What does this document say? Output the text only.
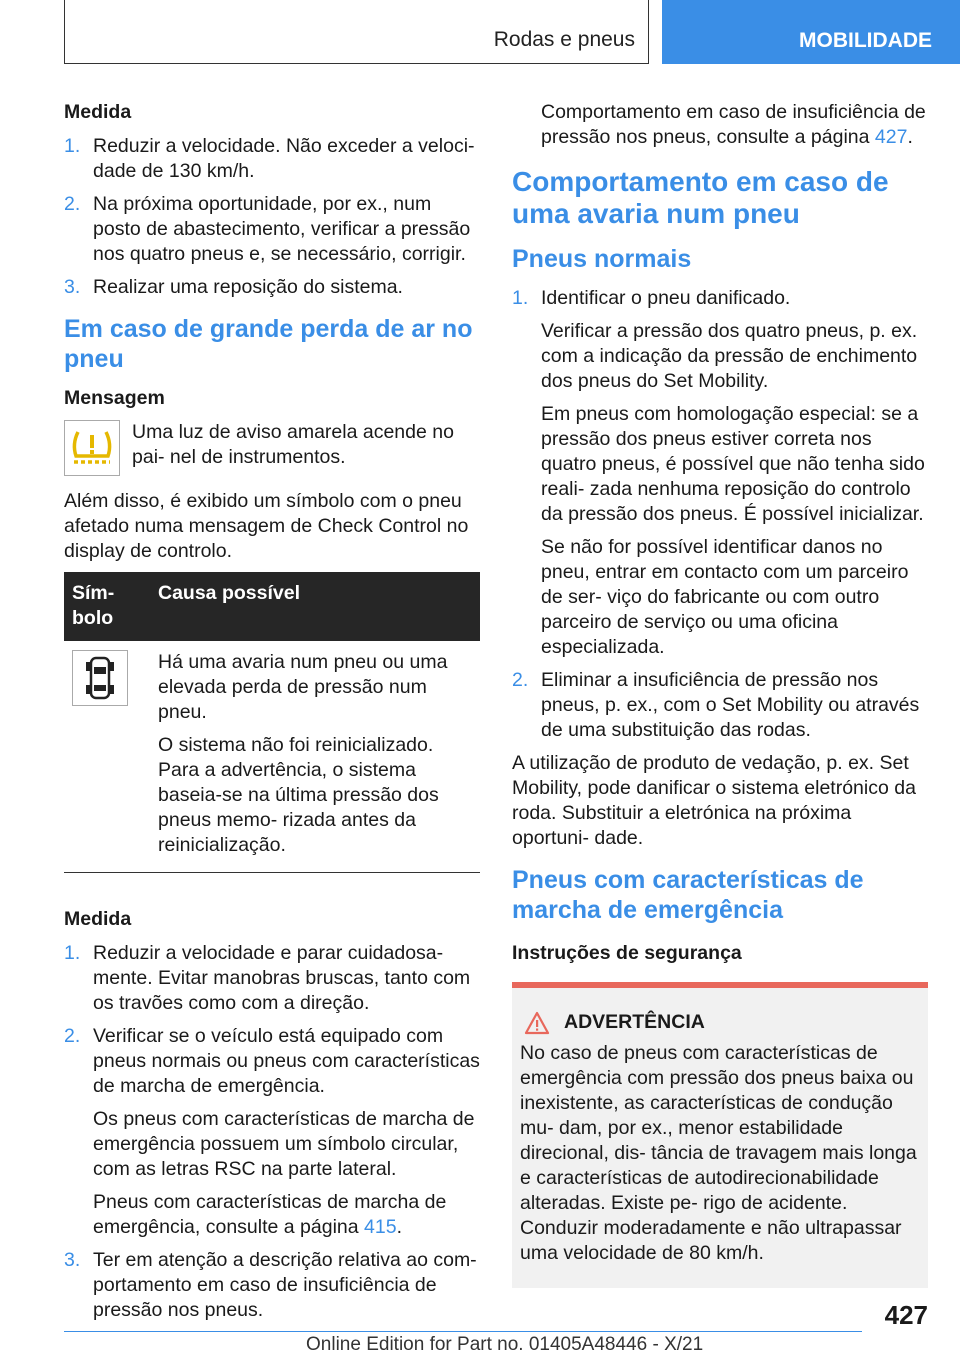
Rodas e pneus	MOBILIDADE
Medida
1. Reduzir a velocidade. Não exceder a veloci‐ dade de 130 km/h.
2. Na próxima oportunidade, por ex., num posto de abastecimento, verificar a pressão nos quatro pneus e, se necessário, corrigir.
3. Realizar uma reposição do sistema.
Em caso de grande perda de ar no pneu
Mensagem
Uma luz de aviso amarela acende no pai‐ nel de instrumentos.

Além disso, é exibido um símbolo com o pneu afetado numa mensagem de Check Control no display de controlo.

Sím‐ bolo	Causa possível

Há uma avaria num pneu ou uma elevada perda de pressão num pneu.

O sistema não foi reinicializado. Para a advertência, o sistema baseia-se na última pressão dos pneus memo‐ rizada antes da reinicialização.

Medida
1. Reduzir a velocidade e parar cuidadosa‐ mente. Evitar manobras bruscas, tanto com os travões como com a direção.
2. Verificar se o veículo está equipado com pneus normais ou pneus com características de marcha de emergência.

Os pneus com características de marcha de emergência possuem um símbolo circular, com as letras RSC na parte lateral.

Pneus com características de marcha de emergência, consulte a página 415.

3. Ter em atenção a descrição relativa ao com‐ portamento em caso de insuficiência de pressão nos pneus.

Comportamento em caso de insuficiência de pressão nos pneus, consulte a página 427.

Comportamento em caso de uma avaria num pneu
Pneus normais
1. Identificar o pneu danificado.

Verificar a pressão dos quatro pneus, p. ex. com a indicação da pressão de enchimento dos pneus do Set Mobility.

Em pneus com homologação especial: se a pressão dos pneus estiver correta nos quatro pneus, é possível que não tenha sido reali‐ zada nenhuma reposição do controlo da pressão dos pneus. É possível inicializar.

Se não for possível identificar danos no pneu, entrar em contacto com um parceiro de ser‐ viço do fabricante ou com outro parceiro de serviço ou uma oficina especializada.

2. Eliminar a insuficiência de pressão nos pneus, p. ex., com o Set Mobility ou através de uma substituição das rodas.

A utilização de produto de vedação, p. ex. Set Mobility, pode danificar o sistema eletrónico da roda. Substituir a eletrónica na próxima oportuni‐ dade.

Pneus com características de marcha de emergência
Instruções de segurança
ADVERTÊNCIA
No caso de pneus com características de emergência com pressão dos pneus baixa ou inexistente, as características de condução mu‐ dam, por ex., menor estabilidade direcional, dis‐ tância de travagem mais longa e características de autodirecionabilidade alteradas. Existe pe‐ rigo de acidente. Conduzir moderadamente e não ultrapassar uma velocidade de 80 km/h.
427
Online Edition for Part no. 01405A48446 - X/21
